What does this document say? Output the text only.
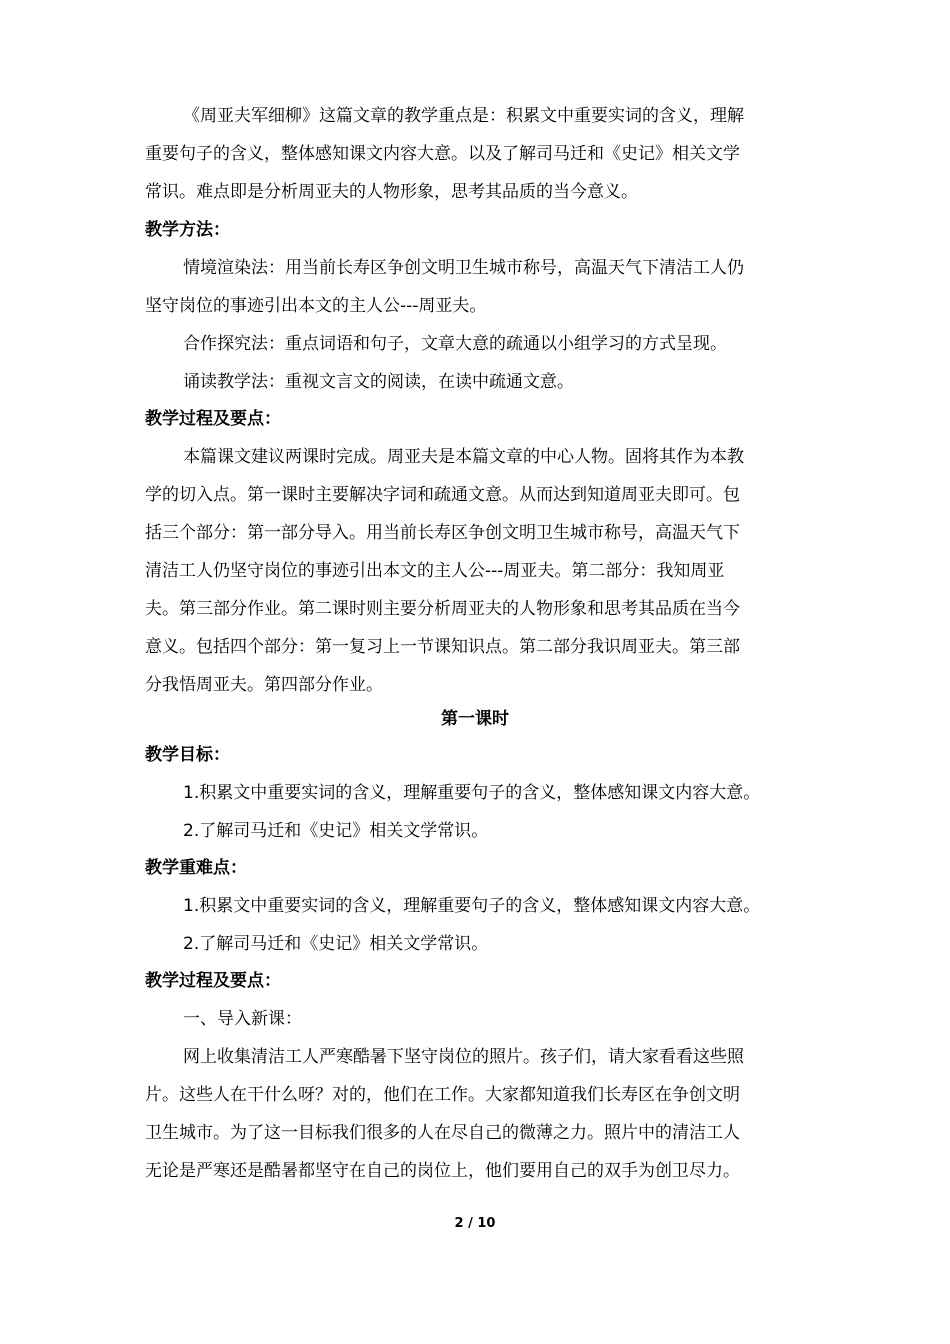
《周亚夫军细柳》这篇文章的教学重点是：积累文中重要实词的含义，理解
重要句子的含义，整体感知课文内容大意。以及了解司马迁和《史记》相关文学
常识。难点即是分析周亚夫的人物形象，思考其品质的当今意义。
教学方法：
情境渲染法：用当前长寿区争创文明卫生城市称号，高温天气下清洁工人仍
坚守岗位的事迹引出本文的主人公---周亚夫。
合作探究法：重点词语和句子，文章大意的疏通以小组学习的方式呈现。
诵读教学法：重视文言文的阅读，在读中疏通文意。
教学过程及要点：
本篇课文建议两课时完成。周亚夫是本篇文章的中心人物。固将其作为本教
学的切入点。第一课时主要解决字词和疏通文意。从而达到知道周亚夫即可。包
括三个部分：第一部分导入。用当前长寿区争创文明卫生城市称号，高温天气下
清洁工人仍坚守岗位的事迹引出本文的主人公---周亚夫。第二部分：我知周亚
夫。第三部分作业。第二课时则主要分析周亚夫的人物形象和思考其品质在当今
意义。包括四个部分：第一复习上一节课知识点。第二部分我识周亚夫。第三部
分我悟周亚夫。第四部分作业。
第一课时
教学目标：
1.积累文中重要实词的含义，理解重要句子的含义，整体感知课文内容大意。
2.了解司马迁和《史记》相关文学常识。
教学重难点：
1.积累文中重要实词的含义，理解重要句子的含义，整体感知课文内容大意。
2.了解司马迁和《史记》相关文学常识。
教学过程及要点：
一、导入新课：
网上收集清洁工人严寒酷暑下坚守岗位的照片。孩子们，请大家看看这些照
片。这些人在干什么呀？对的，他们在工作。大家都知道我们长寿区在争创文明
卫生城市。为了这一目标我们很多的人在尽自己的微薄之力。照片中的清洁工人
无论是严寒还是酷暑都坚守在自己的岗位上，他们要用自己的双手为创卫尽力。
2 / 10
